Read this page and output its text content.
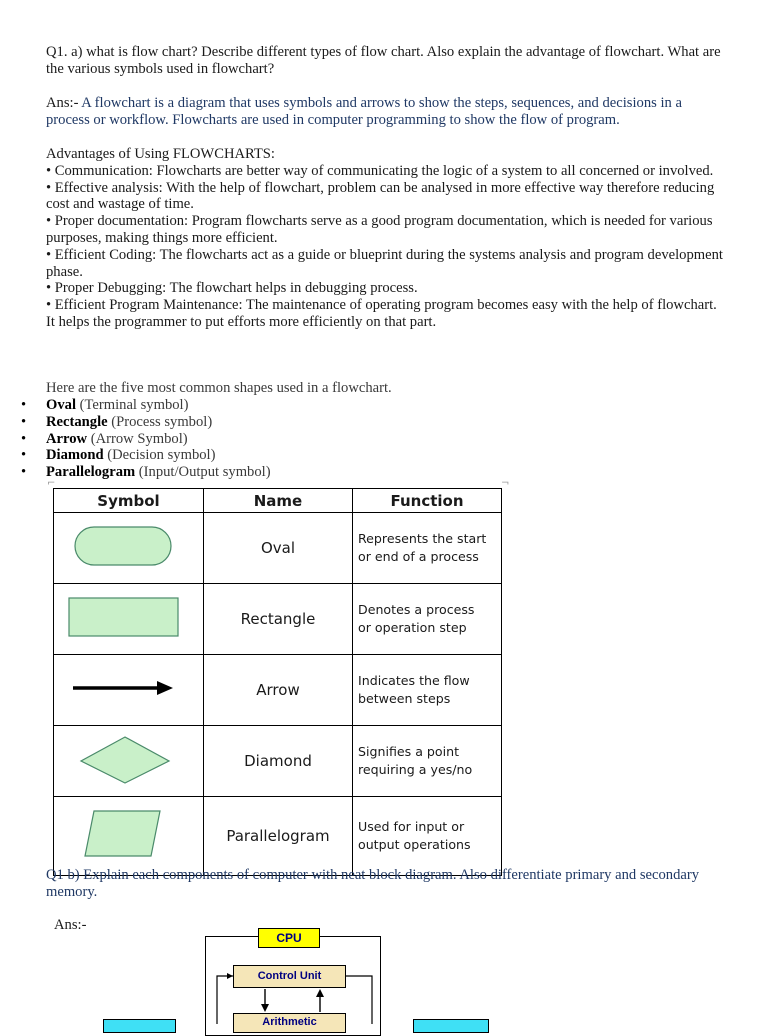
Q1. a) what is flow chart? Describe different types of flow chart. Also explain the advantage of flowchart. What are the various symbols used in flowchart?
Ans:- A flowchart is a diagram that uses symbols and arrows to show the steps, sequences, and decisions in a process or workflow. Flowcharts are used in computer programming to show the flow of program.
Advantages of Using FLOWCHARTS:
• Communication: Flowcharts are better way of communicating the logic of a system to all concerned or involved.
• Effective analysis: With the help of flowchart, problem can be analysed in more effective way therefore reducing cost and wastage of time.
• Proper documentation: Program flowcharts serve as a good program documentation, which is needed for various purposes, making things more efficient.
• Efficient Coding: The flowcharts act as a guide or blueprint during the systems analysis and program development phase.
• Proper Debugging: The flowchart helps in debugging process.
• Efficient Program Maintenance: The maintenance of operating program becomes easy with the help of flowchart. It helps the programmer to put efforts more efficiently on that part.
Here are the five most common shapes used in a flowchart.
• Oval (Terminal symbol)
• Rectangle (Process symbol)
• Arrow (Arrow Symbol)
• Diamond (Decision symbol)
• Parallelogram (Input/Output symbol)
⌐	¬
Symbol	Name	Function
	Oval	Represents the start
or end of a process

	Rectangle	Denotes a process
or operation step

	Arrow	Indicates the flow
between steps

	Diamond	Signifies a point
requiring a yes/no

	Parallelogram	Used for input or
output operations
Q1 b) Explain each components of computer with neat block diagram. Also differentiate primary and secondary memory.
Ans:-
CPU
Control Unit
Arithmetic
